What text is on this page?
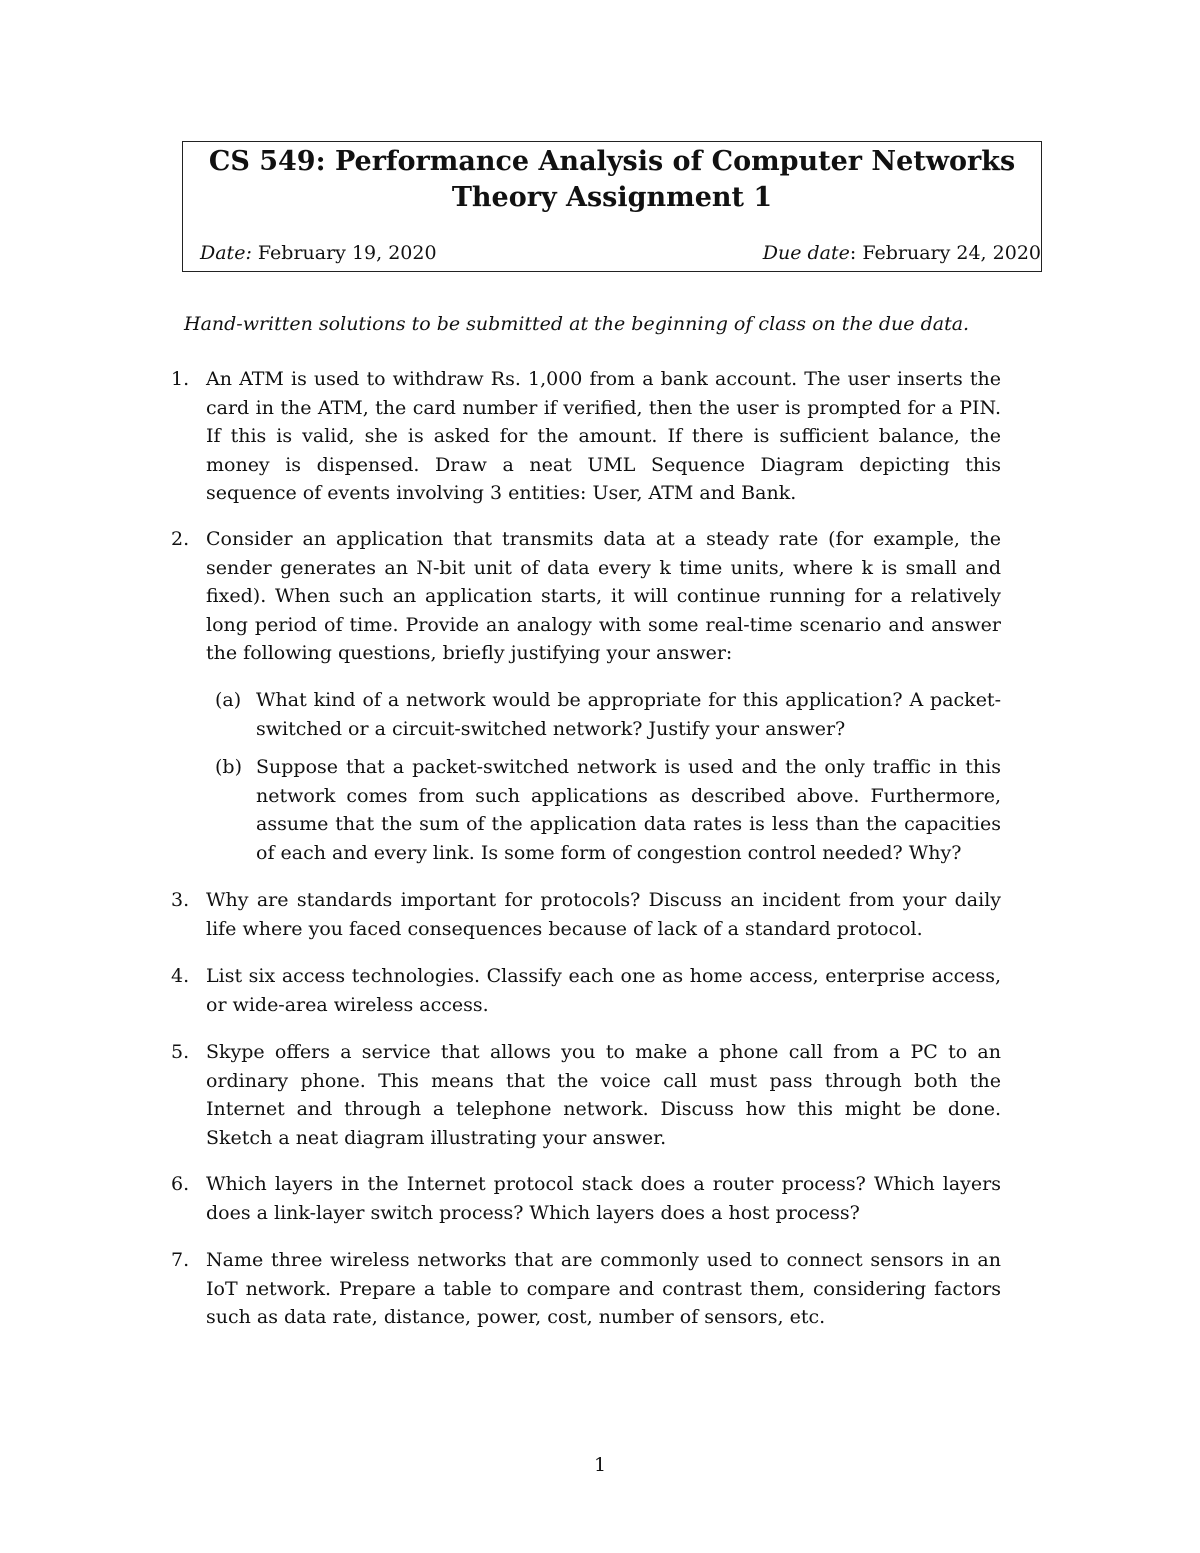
CS 549: Performance Analysis of Computer Networks
Theory Assignment 1
Date: February 19, 2020	Due date: February 24, 2020
Hand-written solutions to be submitted at the beginning of class on the due data.
1. An ATM is used to withdraw Rs. 1,000 from a bank account. The user inserts the card in the ATM, the card number if verified, then the user is prompted for a PIN. If this is valid, she is asked for the amount. If there is sufficient balance, the money is dispensed. Draw a neat UML Sequence Diagram depicting this sequence of events involving 3 entities: User, ATM and Bank.
2. Consider an application that transmits data at a steady rate (for example, the sender generates an N-bit unit of data every k time units, where k is small and fixed). When such an application starts, it will continue running for a relatively long period of time. Provide an analogy with some real-time scenario and answer the following questions, briefly justifying your answer:
(a) What kind of a network would be appropriate for this application? A packet-switched or a circuit-switched network? Justify your answer?
(b) Suppose that a packet-switched network is used and the only traffic in this network comes from such applications as described above. Furthermore, assume that the sum of the application data rates is less than the capacities of each and every link. Is some form of congestion control needed? Why?
3. Why are standards important for protocols? Discuss an incident from your daily life where you faced consequences because of lack of a standard protocol.
4. List six access technologies. Classify each one as home access, enterprise access, or wide-area wireless access.
5. Skype offers a service that allows you to make a phone call from a PC to an ordinary phone. This means that the voice call must pass through both the Internet and through a telephone network. Discuss how this might be done. Sketch a neat diagram illustrating your answer.
6. Which layers in the Internet protocol stack does a router process? Which layers does a link-layer switch process? Which layers does a host process?
7. Name three wireless networks that are commonly used to connect sensors in an IoT network. Prepare a table to compare and contrast them, considering factors such as data rate, distance, power, cost, number of sensors, etc.
1
